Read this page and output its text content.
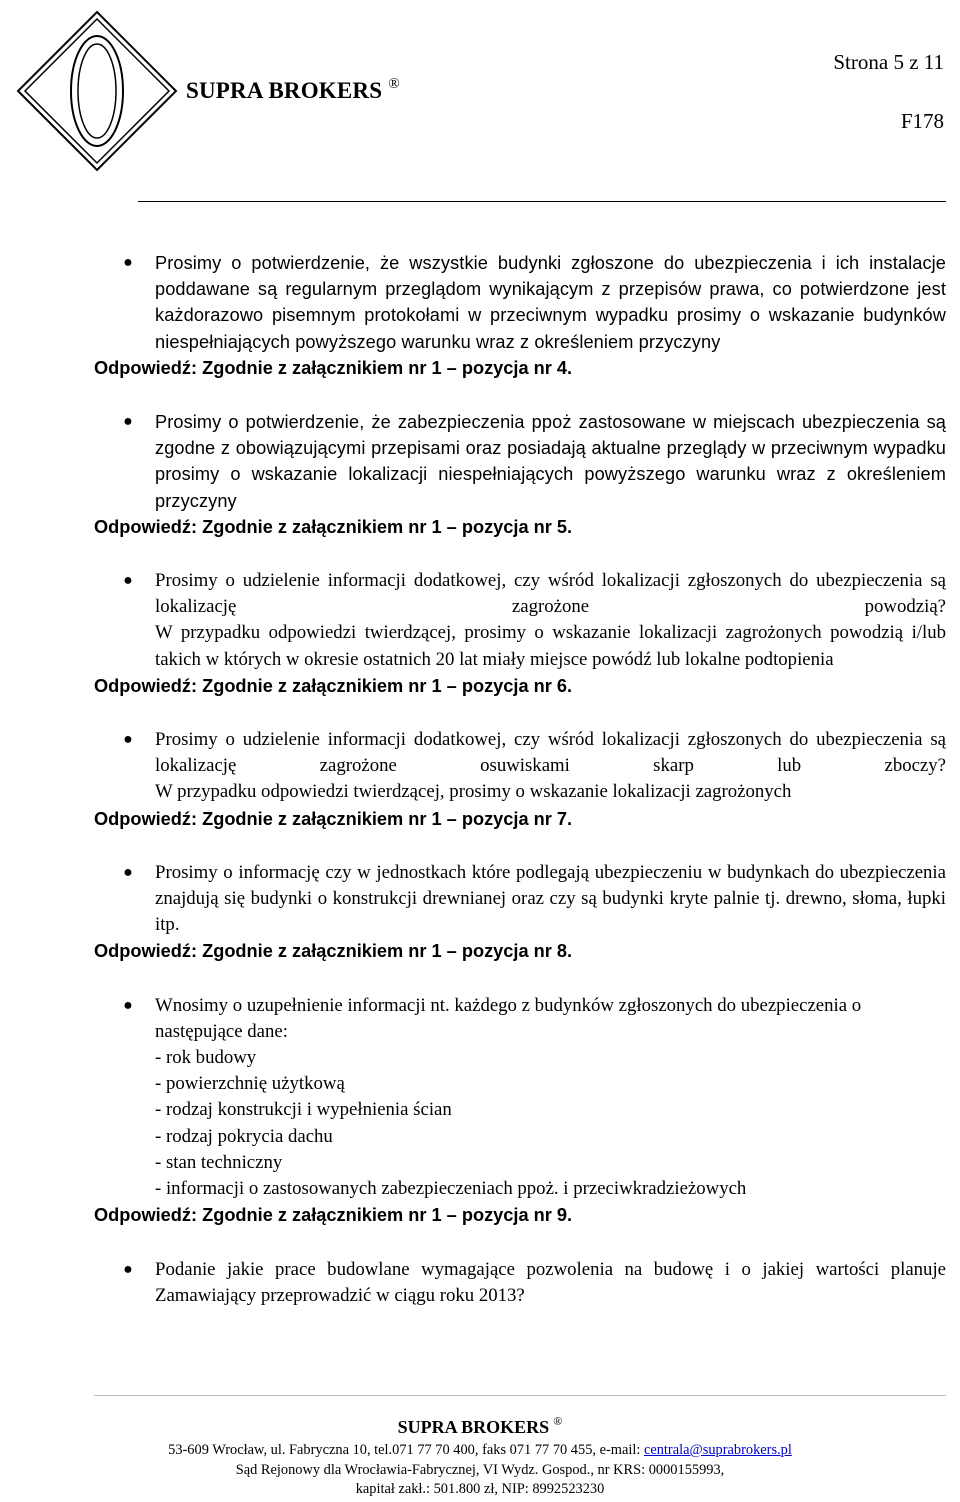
SUPRA BROKERS ®
Strona 5 z 11
F178
● Prosimy o potwierdzenie, że wszystkie budynki zgłoszone do ubezpieczenia i ich instalacje poddawane są regularnym przeglądom wynikającym z przepisów prawa, co potwierdzone jest każdorazowo pisemnym protokołami w przeciwnym wypadku prosimy o wskazanie budynków niespełniających powyższego warunku wraz z określeniem przyczyny
Odpowiedź: Zgodnie z załącznikiem nr 1 – pozycja nr 4.
● Prosimy o potwierdzenie, że zabezpieczenia ppoż zastosowane w miejscach ubezpieczenia są zgodne z obowiązującymi przepisami oraz posiadają aktualne przeglądy w przeciwnym wypadku prosimy o wskazanie lokalizacji niespełniających powyższego warunku wraz z określeniem przyczyny
Odpowiedź: Zgodnie z załącznikiem nr 1 – pozycja nr 5.
● Prosimy o udzielenie informacji dodatkowej, czy wśród lokalizacji zgłoszonych do ubezpieczenia są lokalizację zagrożone powodzią?
W przypadku odpowiedzi twierdzącej, prosimy o wskazanie lokalizacji zagrożonych powodzią i/lub takich w których w okresie ostatnich 20 lat miały miejsce powódź lub lokalne podtopienia
Odpowiedź: Zgodnie z załącznikiem nr 1 – pozycja nr 6.
● Prosimy o udzielenie informacji dodatkowej, czy wśród lokalizacji zgłoszonych do ubezpieczenia są lokalizację zagrożone osuwiskami skarp lub zboczy?
W przypadku odpowiedzi twierdzącej, prosimy o wskazanie lokalizacji zagrożonych
Odpowiedź: Zgodnie z załącznikiem nr 1 – pozycja nr 7.
● Prosimy o informację czy w jednostkach które podlegają ubezpieczeniu w budynkach do ubezpieczenia znajdują się budynki o konstrukcji drewnianej oraz czy są budynki kryte palnie tj. drewno, słoma, łupki itp.
Odpowiedź: Zgodnie z załącznikiem nr 1 – pozycja nr 8.
● Wnosimy o uzupełnienie informacji nt. każdego z budynków zgłoszonych do ubezpieczenia o następujące dane:
- rok budowy
- powierzchnię użytkową
- rodzaj konstrukcji i wypełnienia ścian
- rodzaj pokrycia dachu
- stan techniczny
- informacji o zastosowanych zabezpieczeniach ppoż. i przeciwkradzieżowych
Odpowiedź: Zgodnie z załącznikiem nr 1 – pozycja nr 9.
● Podanie jakie prace budowlane wymagające pozwolenia na budowę i o jakiej wartości planuje Zamawiający przeprowadzić w ciągu roku 2013?
SUPRA BROKERS ®
53-609 Wrocław, ul. Fabryczna 10, tel.071 77 70 400, faks 071 77 70 455, e-mail: centrala@suprabrokers.pl
Sąd Rejonowy dla Wrocławia-Fabrycznej, VI Wydz. Gospod., nr KRS: 0000155993,
kapitał zakł.: 501.800 zł, NIP: 8992523230
